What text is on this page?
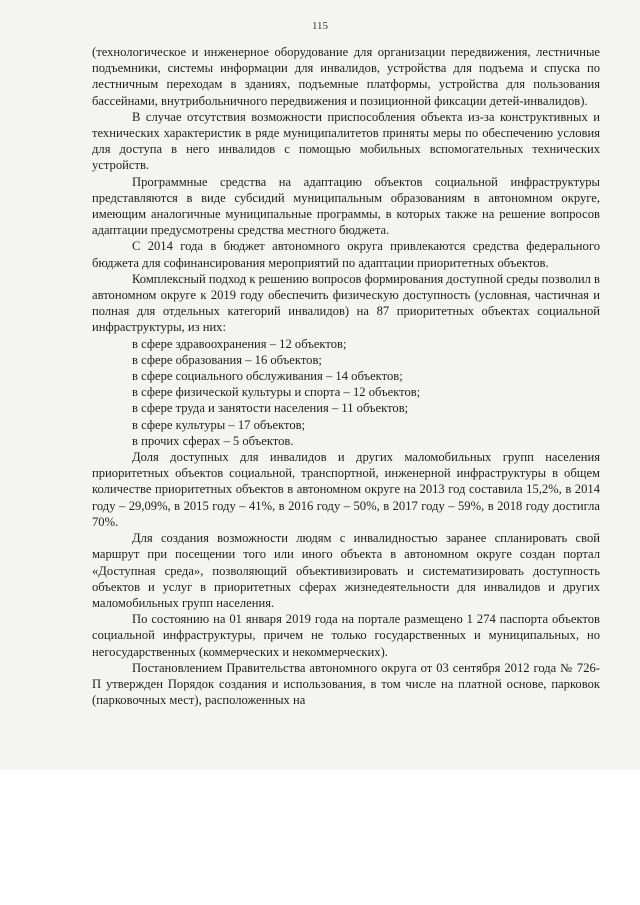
115

(технологическое и инженерное оборудование для организации передвижения, лестничные подъемники, системы информации для инвалидов, устройства для подъема и спуска по лестничным переходам в зданиях, подъемные платформы, устройства для пользования бассейнами, внутрибольничного передвижения и позиционной фиксации детей-инвалидов).

В случае отсутствия возможности приспособления объекта из-за конструктивных и технических характеристик в ряде муниципалитетов приняты меры по обеспечению условия для доступа в него инвалидов с помощью мобильных вспомогательных технических устройств.

Программные средства на адаптацию объектов социальной инфраструктуры представляются в виде субсидий муниципальным образованиям в автономном округе, имеющим аналогичные муниципальные программы, в которых также на решение вопросов адаптации предусмотрены средства местного бюджета.

С 2014 года в бюджет автономного округа привлекаются средства федерального бюджета для софинансирования мероприятий по адаптации приоритетных объектов.

Комплексный подход к решению вопросов формирования доступной среды позволил в автономном округе к 2019 году обеспечить физическую доступность (условная, частичная и полная для отдельных категорий инвалидов) на 87 приоритетных объектах социальной инфраструктуры, из них:

в сфере здравоохранения – 12 объектов;
в сфере образования – 16 объектов;
в сфере социального обслуживания – 14 объектов;
в сфере физической культуры и спорта – 12 объектов;
в сфере труда и занятости населения – 11 объектов;
в сфере культуры – 17 объектов;
в прочих сферах – 5 объектов.

Доля доступных для инвалидов и других маломобильных групп населения приоритетных объектов социальной, транспортной, инженерной инфраструктуры в общем количестве приоритетных объектов в автономном округе на 2013 год составила 15,2%, в 2014 году – 29,09%, в 2015 году – 41%, в 2016 году – 50%, в 2017 году – 59%, в 2018 году достигла 70%.

Для создания возможности людям с инвалидностью заранее спланировать свой маршрут при посещении того или иного объекта в автономном округе создан портал «Доступная среда», позволяющий объективизировать и систематизировать доступность объектов и услуг в приоритетных сферах жизнедеятельности для инвалидов и других маломобильных групп населения.

По состоянию на 01 января 2019 года на портале размещено 1 274 паспорта объектов социальной инфраструктуры, причем не только государственных и муниципальных, но негосударственных (коммерческих и некоммерческих).

Постановлением Правительства автономного округа от 03 сентября 2012 года № 726-П утвержден Порядок создания и использования, в том числе на платной основе, парковок (парковочных мест), расположенных на
